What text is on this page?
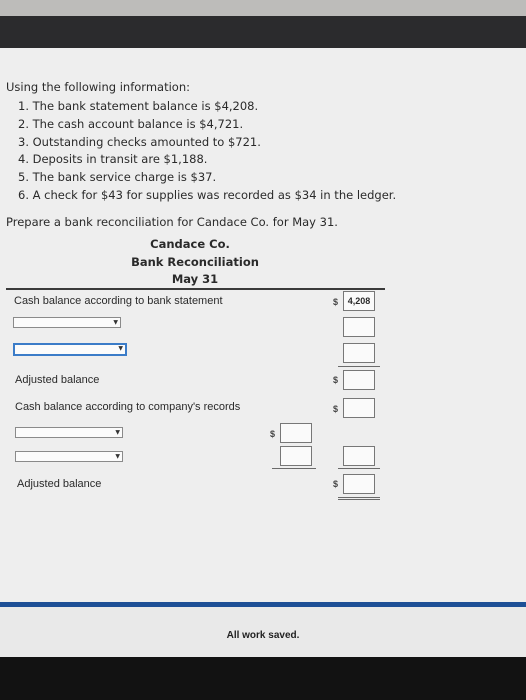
Using the following information:
1. The bank statement balance is $4,208.
2. The cash account balance is $4,721.
3. Outstanding checks amounted to $721.
4. Deposits in transit are $1,188.
5. The bank service charge is $37.
6. A check for $43 for supplies was recorded as $34 in the ledger.
Prepare a bank reconciliation for Candace Co. for May 31.
Candace Co.
Bank Reconciliation
May 31
Cash balance according to bank statement	$	4,208
▼
▼
Adjusted balance	$
Cash balance according to company's records	$
▼	$
▼
Adjusted balance	$
All work saved.
